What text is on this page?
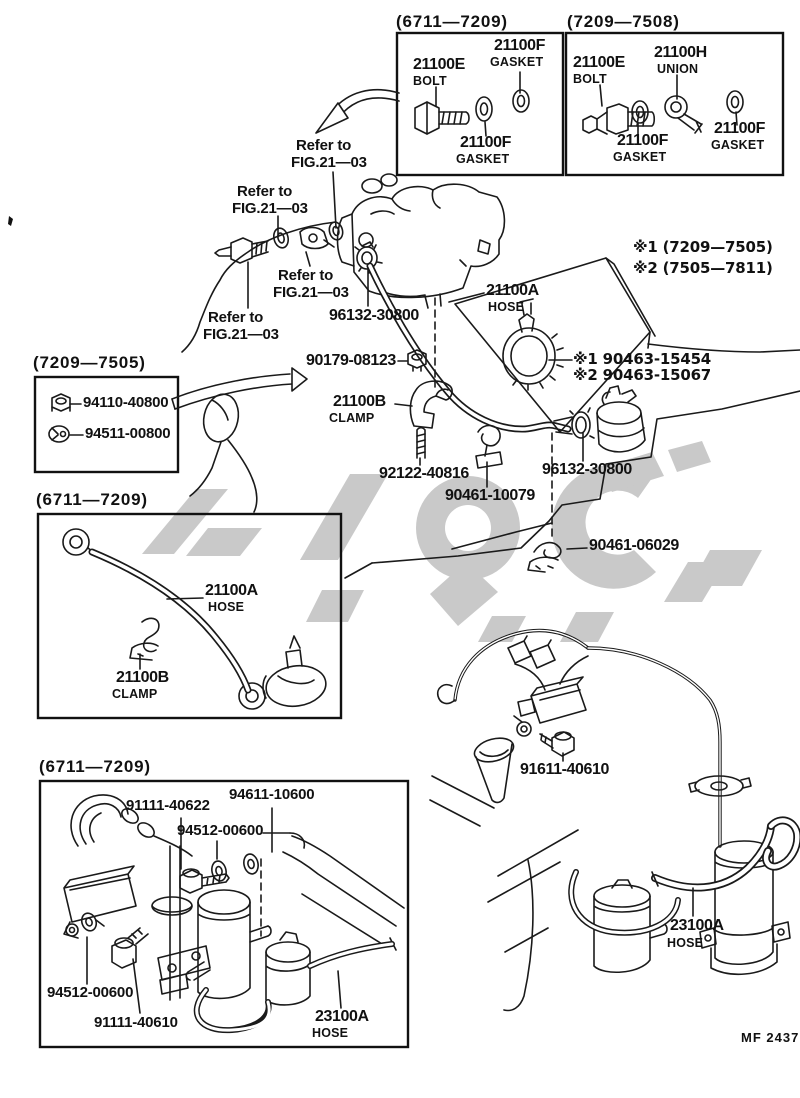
(6711—7209)	(7209—7508)
(7209—7505)
(6711—7209)
(6711—7209)
21100E
BOLT
21100F
GASKET
21100F
GASKET
21100E
BOLT
21100H
UNION
21100F
GASKET
21100F
GASKET
Refer to
FIG.21—03
Refer to
FIG.21—03
Refer to
FIG.21—03
Refer to
FIG.21—03
96132-30800
21100A
HOSE
※1 (7209—7505)
※2 (7505—7811)
※1 90463-15454
※2 90463-15067
90179-08123
21100B
CLAMP
92122-40816
90461-10079
96132-30800
90461-06029
91611-40610
23100A
HOSE
94110-40800
94511-00800
21100A
HOSE
21100B
CLAMP
91111-40622
94611-10600
94512-00600
94512-00600
91111-40610	23100A
HOSE	MF 2437
